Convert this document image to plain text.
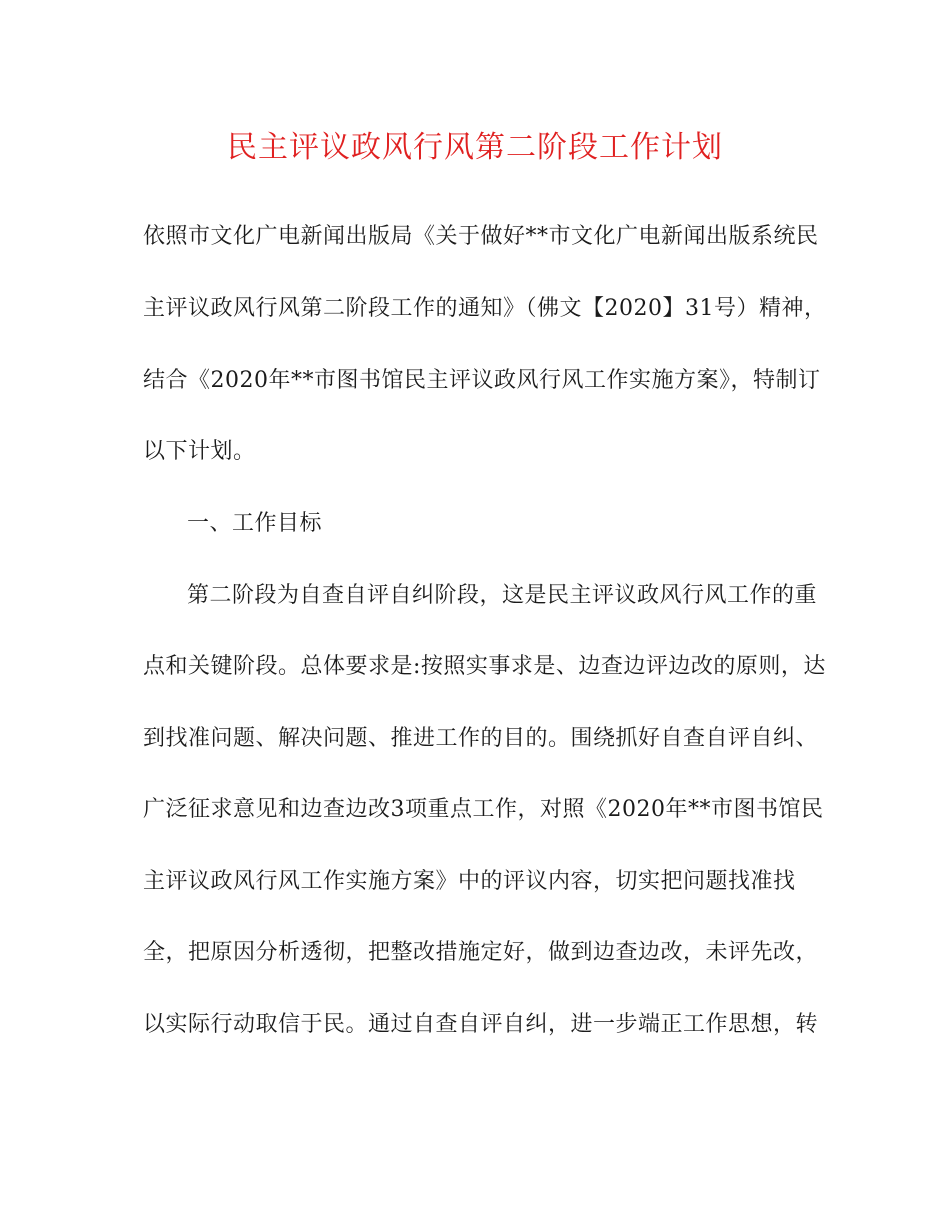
民主评议政风行风第二阶段工作计划
依照市文化广电新闻出版局《关于做好**市文化广电新闻出版系统民
主评议政风行风第二阶段工作的通知》（佛文【2020】31号）精神，
结合《2020年**市图书馆民主评议政风行风工作实施方案》，特制订
以下计划。
一、工作目标
第二阶段为自查自评自纠阶段，这是民主评议政风行风工作的重
点和关键阶段。总体要求是:按照实事求是、边查边评边改的原则，达
到找准问题、解决问题、推进工作的目的。围绕抓好自查自评自纠、
广泛征求意见和边查边改3项重点工作，对照《2020年**市图书馆民
主评议政风行风工作实施方案》中的评议内容，切实把问题找准找
全，把原因分析透彻，把整改措施定好，做到边查边改，未评先改，
以实际行动取信于民。通过自查自评自纠，进一步端正工作思想，转
